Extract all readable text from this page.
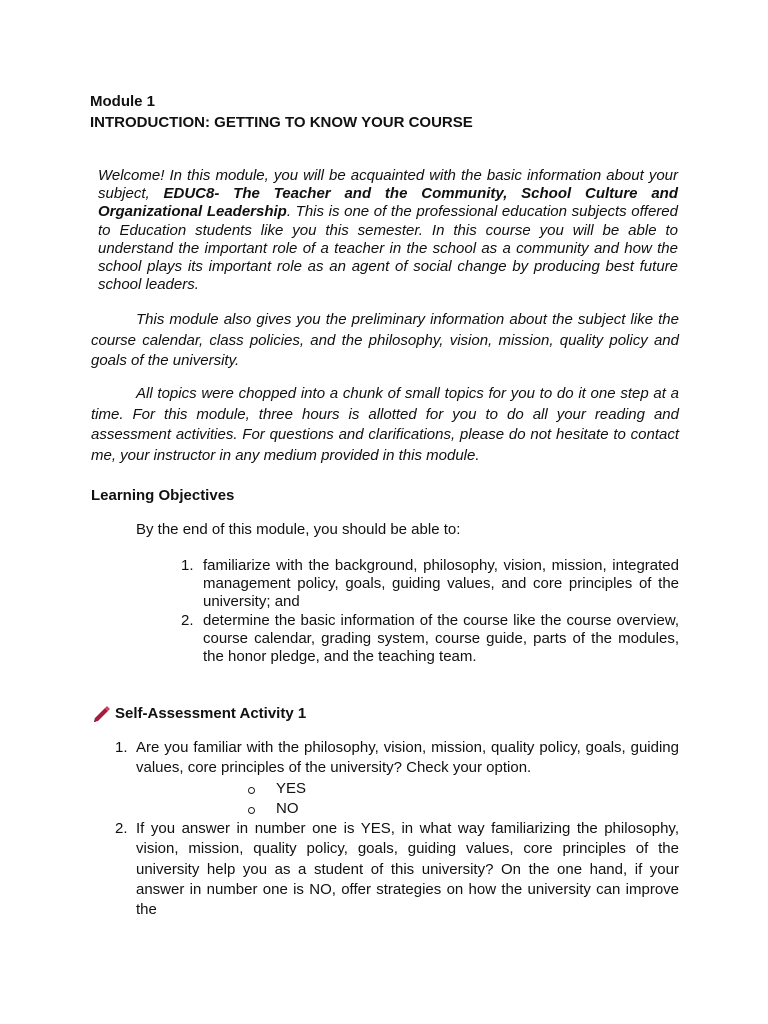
Module 1
INTRODUCTION: GETTING TO KNOW YOUR COURSE
Welcome! In this module, you will be acquainted with the basic information about your subject, EDUC8- The Teacher and the Community, School Culture and Organizational Leadership. This is one of the professional education subjects offered to Education students like you this semester. In this course you will be able to understand the important role of a teacher in the school as a community and how the school plays its important role as an agent of social change by producing best future school leaders.

This module also gives you the preliminary information about the subject like the course calendar, class policies, and the philosophy, vision, mission, quality policy and goals of the university.

All topics were chopped into a chunk of small topics for you to do it one step at a time. For this module, three hours is allotted for you to do all your reading and assessment activities. For questions and clarifications, please do not hesitate to contact me, your instructor in any medium provided in this module.

Learning Objectives
By the end of this module, you should be able to:
1. familiarize with the background, philosophy, vision, mission, integrated management policy, goals, guiding values, and core principles of the university; and
2. determine the basic information of the course like the course overview, course calendar, grading system, course guide, parts of the modules, the honor pledge, and the teaching team.
Self-Assessment Activity 1
1. Are you familiar with the philosophy, vision, mission, quality policy, goals, guiding values, core principles of the university? Check your option.
YES
NO
2. If you answer in number one is YES, in what way familiarizing the philosophy, vision, mission, quality policy, goals, guiding values, core principles of the university help you as a student of this university? On the one hand, if your answer in number one is NO, offer strategies on how the university can improve the
